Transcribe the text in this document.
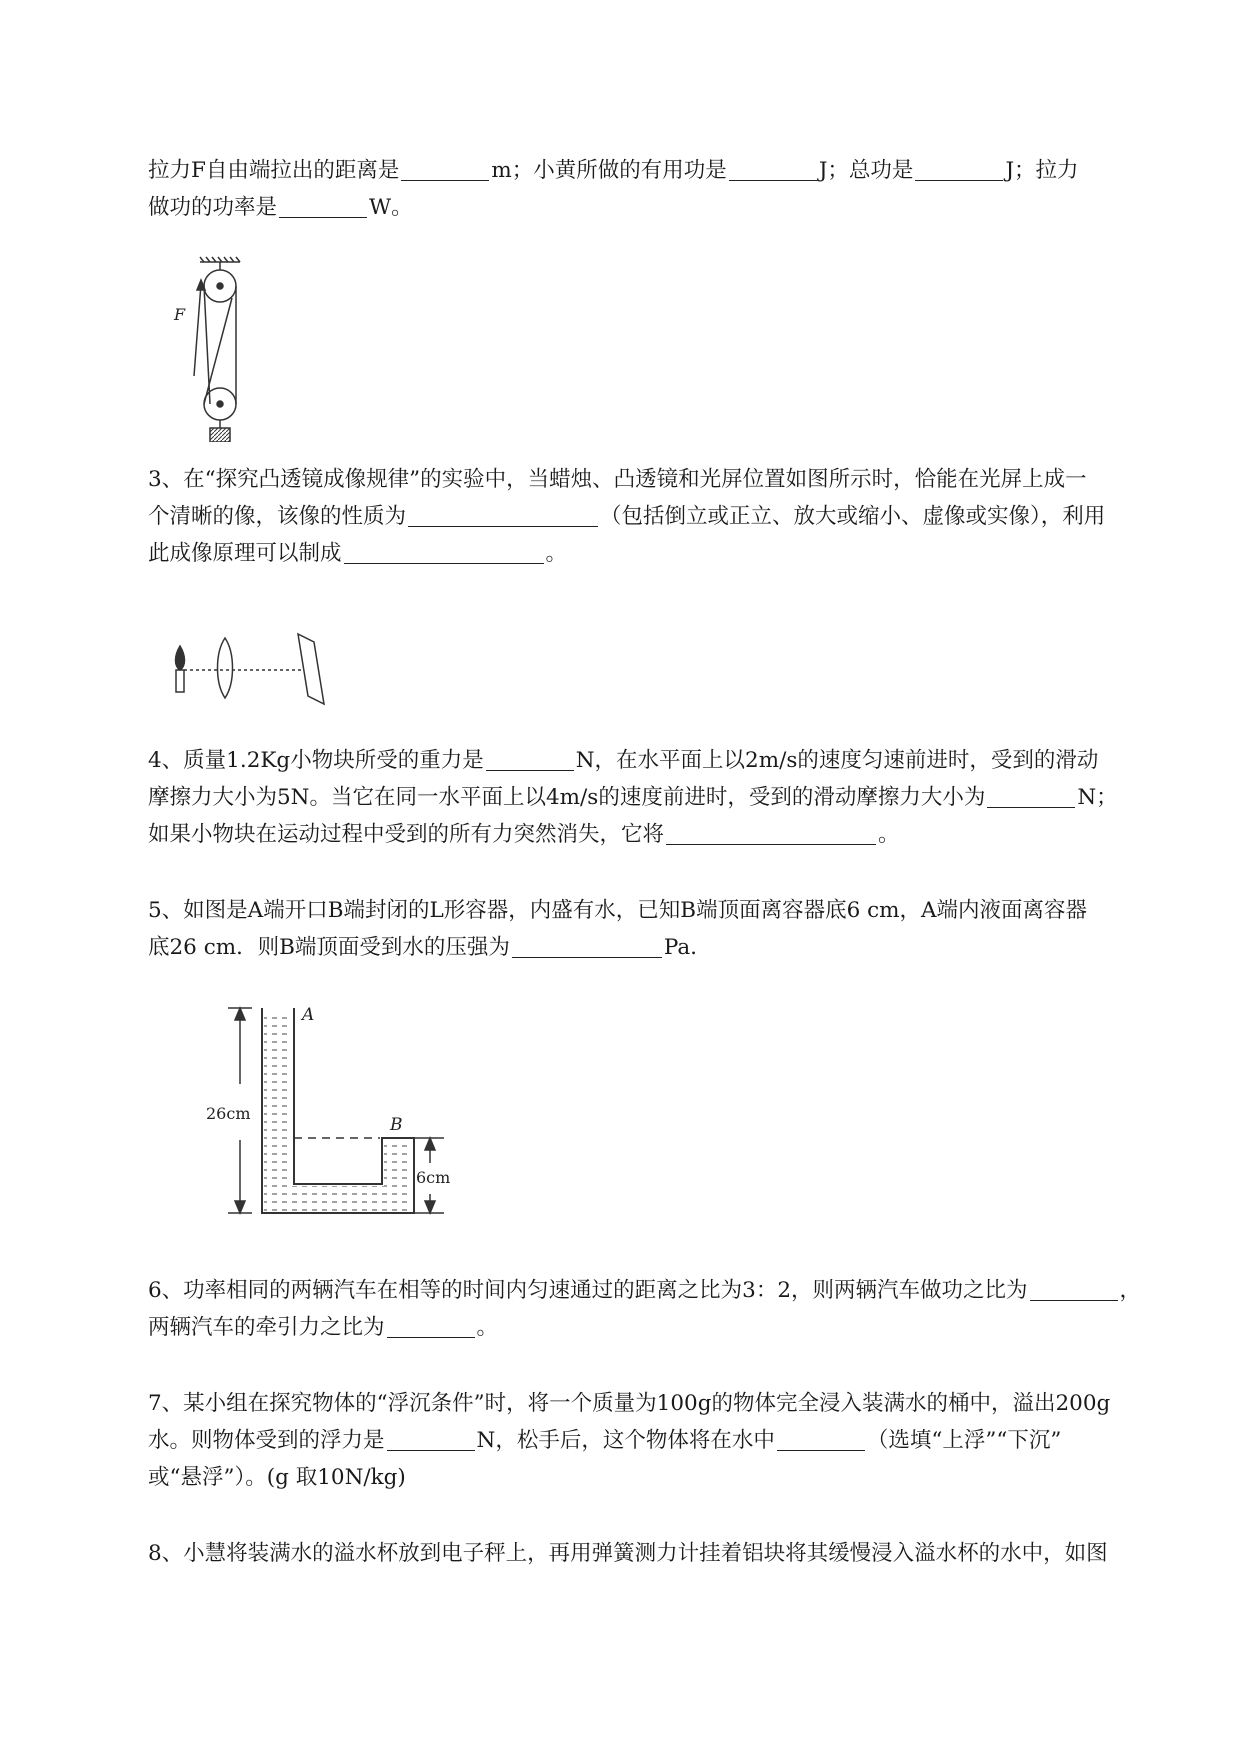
拉力F自由端拉出的距离是	m；小黄所做的有用功是	J；总功是	J；拉力
做功的功率是	W。
F
3、在“探究凸透镜成像规律”的实验中，当蜡烛、凸透镜和光屏位置如图所示时，恰能在光屏上成一
个清晰的像，该像的性质为	（包括倒立或正立、放大或缩小、虚像或实像），利用
此成像原理可以制成	。
4、质量1.2Kg小物块所受的重力是	N，在水平面上以2m/s的速度匀速前进时，受到的滑动
摩擦力大小为5N。当它在同一水平面上以4m/s的速度前进时，受到的滑动摩擦力大小为	N；
如果小物块在运动过程中受到的所有力突然消失，它将	。
5、如图是A端开口B端封闭的L形容器，内盛有水，已知B端顶面离容器底6 cm，A端内液面离容器
底26 cm．则B端顶面受到水的压强为	Pa．
A
B
26cm
6cm
6、功率相同的两辆汽车在相等的时间内匀速通过的距离之比为3：2，则两辆汽车做功之比为	，
两辆汽车的牵引力之比为	。
7、某小组在探究物体的“浮沉条件”时，将一个质量为100g的物体完全浸入装满水的桶中，溢出200g
水。则物体受到的浮力是	N，松手后，这个物体将在水中	（选填“上浮”“下沉”
或“悬浮”）。(g 取10N/kg)
8、小慧将装满水的溢水杯放到电子秤上，再用弹簧测力计挂着铝块将其缓慢浸入溢水杯的水中，如图
